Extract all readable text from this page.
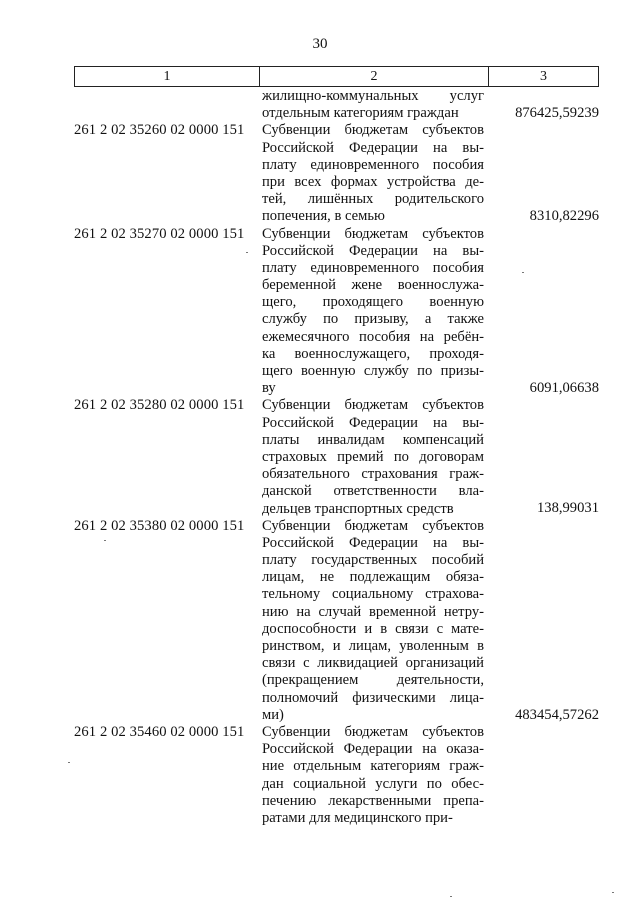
30
1	2	3
жилищно-коммунальных услуг
отдельным категориям граждан	876425,59239
261 2 02 35260 02 0000 151	Субвенции бюджетам субъектов
Российской Федерации на вы-
плату единовременного пособия
при всех формах устройства де-
тей, лишённых родительского
попечения, в семью	8310,82296
261 2 02 35270 02 0000 151	Субвенции бюджетам субъектов
Российской Федерации на вы-
плату единовременного пособия
беременной жене военнослужа-
щего, проходящего военную
службу по призыву, а также
ежемесячного пособия на ребён-
ка военнослужащего, проходя-
щего военную службу по призы-
ву	6091,06638
261 2 02 35280 02 0000 151	Субвенции бюджетам субъектов
Российской Федерации на вы-
платы инвалидам компенсаций
страховых премий по договорам
обязательного страхования граж-
данской ответственности вла-
дельцев транспортных средств	138,99031
261 2 02 35380 02 0000 151	Субвенции бюджетам субъектов
Российской Федерации на вы-
плату государственных пособий
лицам, не подлежащим обяза-
тельному социальному страхова-
нию на случай временной нетру-
доспособности и в связи с мате-
ринством, и лицам, уволенным в
связи с ликвидацией организаций
(прекращением деятельности,
полномочий физическими лица-
ми)	483454,57262
261 2 02 35460 02 0000 151	Субвенции бюджетам субъектов
Российской Федерации на оказа-
ние отдельным категориям граж-
дан социальной услуги по обес-
печению лекарственными препа-
ратами для медицинского при-
